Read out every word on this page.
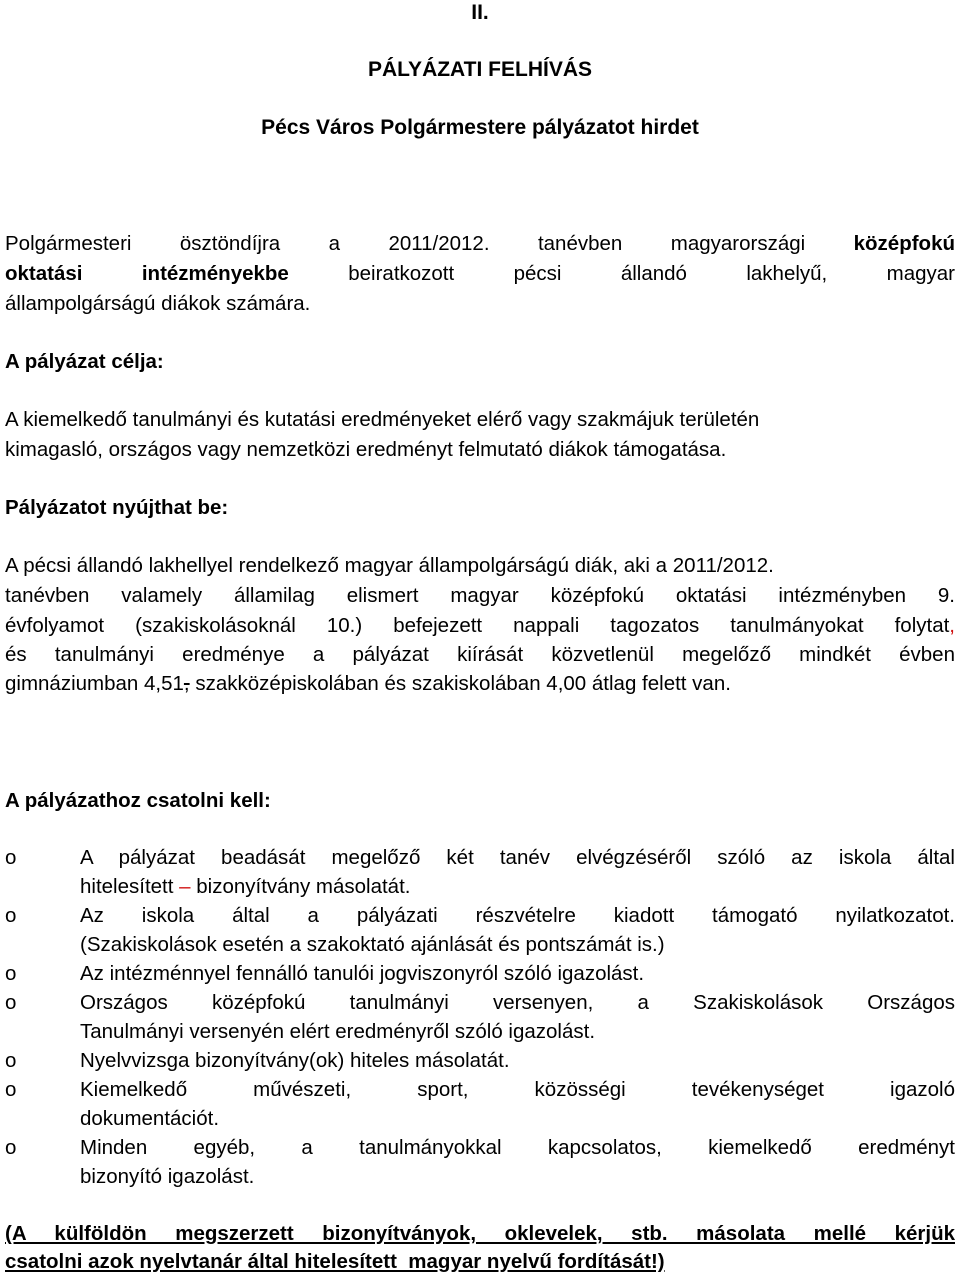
II.
PÁLYÁZATI FELHÍVÁS
Pécs Város Polgármestere pályázatot hirdet
Polgármesteri ösztöndíjra a 2011/2012. tanévben magyarországi középfokú
oktatási intézményekbe beiratkozott pécsi állandó lakhelyű, magyar
állampolgárságú diákok számára.
A pályázat célja:
A kiemelkedő tanulmányi és kutatási eredményeket elérő vagy szakmájuk területén
kimagasló, országos vagy nemzetközi eredményt felmutató diákok támogatása.
Pályázatot nyújthat be:
A pécsi állandó lakhellyel rendelkező magyar állampolgárságú diák, aki a 2011/2012.
tanévben valamely államilag elismert magyar középfokú oktatási intézményben 9.
évfolyamot (szakiskolásoknál 10.) befejezett nappali tagozatos tanulmányokat folytat,
és tanulmányi eredménye a pályázat kiírását közvetlenül megelőző mindkét évben
gimnáziumban 4,51, szakközépiskolában és szakiskolában 4,00 átlag felett van.
A pályázathoz csatolni kell:
o	A pályázat beadását megelőző két tanév elvégzéséről szóló az iskola által
hitelesített – bizonyítvány másolatát.
o	Az iskola által a pályázati részvételre kiadott támogató nyilatkozatot.
(Szakiskolások esetén a szakoktató ajánlását és pontszámát is.)
o	Az intézménnyel fennálló tanulói jogviszonyról szóló igazolást.
o	Országos középfokú tanulmányi versenyen, a Szakiskolások Országos
Tanulmányi versenyén elért eredményről szóló igazolást.
o	Nyelvvizsga bizonyítvány(ok) hiteles másolatát.
o	Kiemelkedő művészeti, sport, közösségi tevékenységet igazoló
dokumentációt.
o	Minden egyéb, a tanulmányokkal kapcsolatos, kiemelkedő eredményt
bizonyító igazolást.
(A külföldön megszerzett bizonyítványok, oklevelek, stb. másolata mellé kérjük
csatolni azok nyelvtanár által hitelesített  magyar nyelvű fordítását!)
